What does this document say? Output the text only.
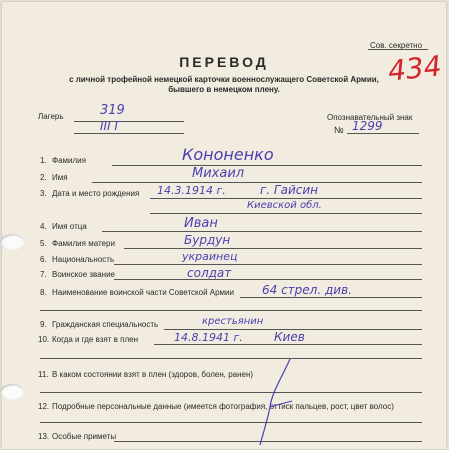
Сов. секретно
ПЕРЕВОД
с личной трофейной немецкой карточки военнослужащего Советской Армии,
бывшего в немецком плену.
434
Лагерь	319
III Г
Опознавательный знак
№ 1299
1. Фамилия	Кононенко
2. Имя	Михаил
3. Дата и место рождения 14.3.1914 г.	г. Гайсин
Киевской обл.
4. Имя отца	Иван
5. Фамилия матери	Бурдун
6. Национальность	украинец
7. Воинское звание	солдат
8. Наименование воинской части Советской Армии 64 стрел. див.
9. Гражданская специальность	крестьянин
10. Когда и где взят в плен	14.8.1941 г.	Киев
11. В каком состоянии взят в плен (здоров, болен, ранен)
12. Подробные персональные данные (имеется фотография, оттиск пальцев, рост, цвет волос)
13. Особые приметы
